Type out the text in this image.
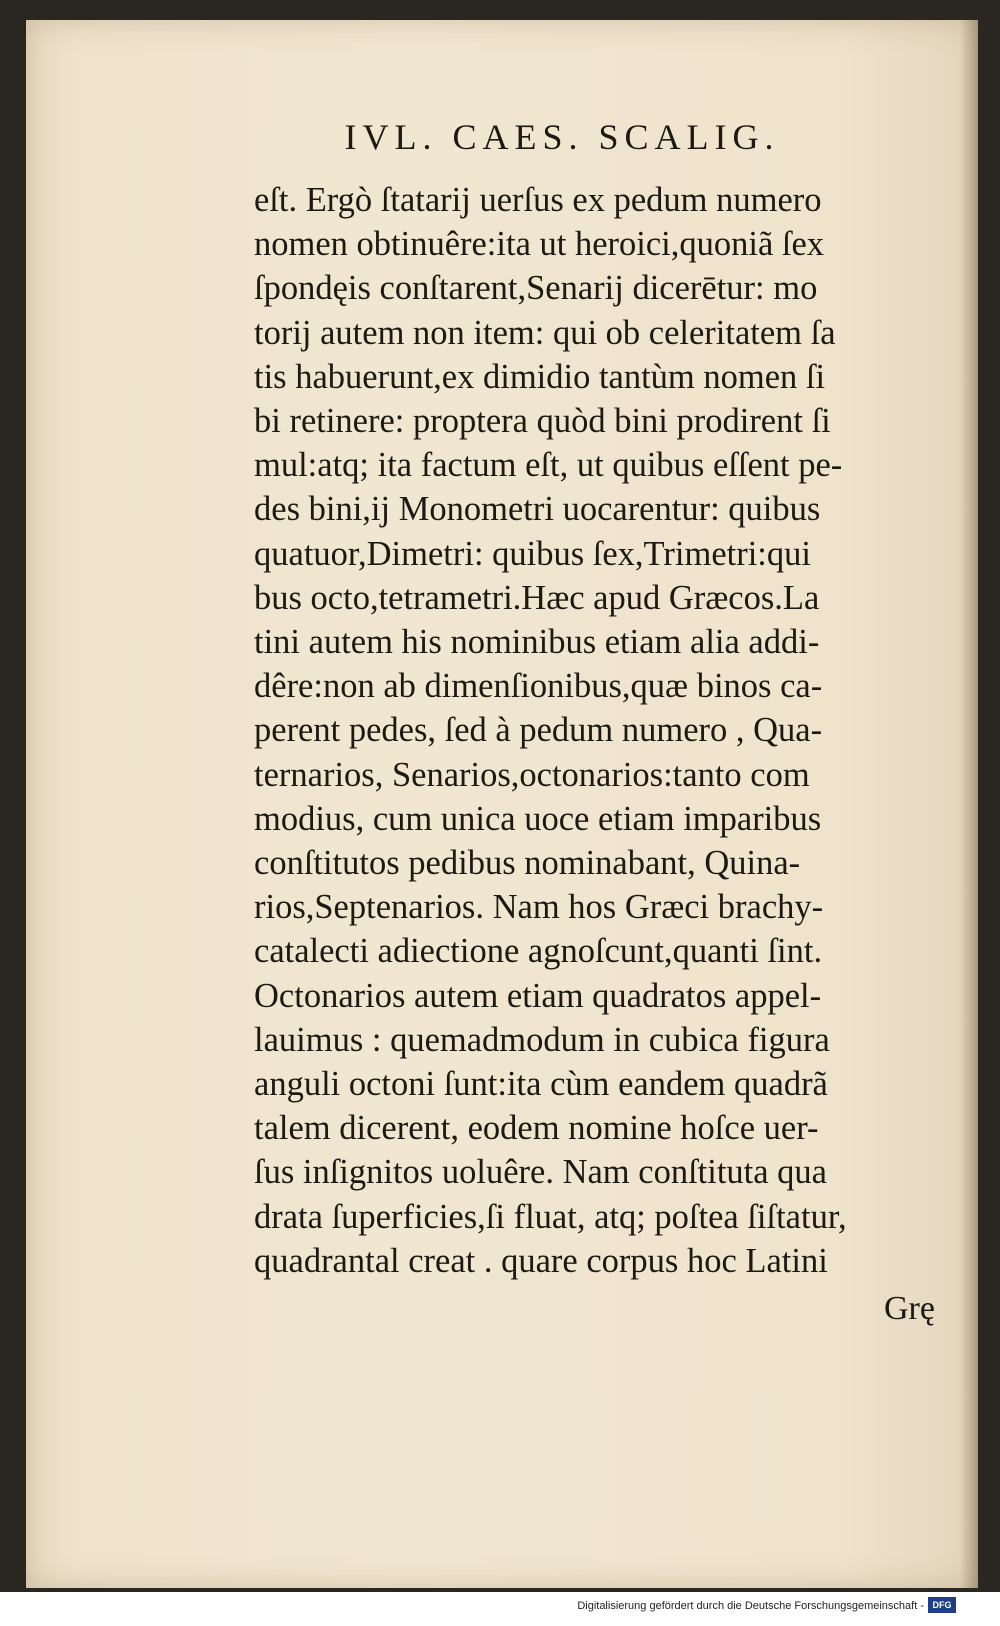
IVL. CAES. SCALIG.
eſt. Ergò ſtatarij uerſus ex pedum numero
nomen obtinuêre:ita ut heroici,quoniã ſex
ſpondęis conſtarent,Senarij dicerētur: mo
torij autem non item: qui ob celeritatem ſa
tis habuerunt,ex dimidio tantùm nomen ſi
bi retinere: proptera quòd bini prodirent ſi
mul:atq; ita factum eſt, ut quibus eſſent pe-
des bini,ij Monometri uocarentur: quibus
quatuor,Dimetri: quibus ſex,Trimetri:qui
bus octo,tetrametri.Hæc apud Græcos.La
tini autem his nominibus etiam alia addi-
dêre:non ab dimenſionibus,quæ binos ca-
perent pedes, ſed à pedum numero , Qua-
ternarios, Senarios,octonarios:tanto com
modius, cum unica uoce etiam imparibus
conſtitutos pedibus nominabant, Quina-
rios,Septenarios. Nam hos Græci brachy-
catalecti adiectione agnoſcunt,quanti ſint.
Octonarios autem etiam quadratos appel-
lauimus : quemadmodum in cubica figura
anguli octoni ſunt:ita cùm eandem quadrã
talem dicerent, eodem nomine hoſce uer-
ſus inſignitos uoluêre. Nam conſtituta qua
drata ſuperficies,ſi fluat, atq; poſtea ſiſtatur,
quadrantal creat . quare corpus hoc Latini
Grę
Digitalisierung gefördert durch die Deutsche Forschungsgemeinschaft - DFG
